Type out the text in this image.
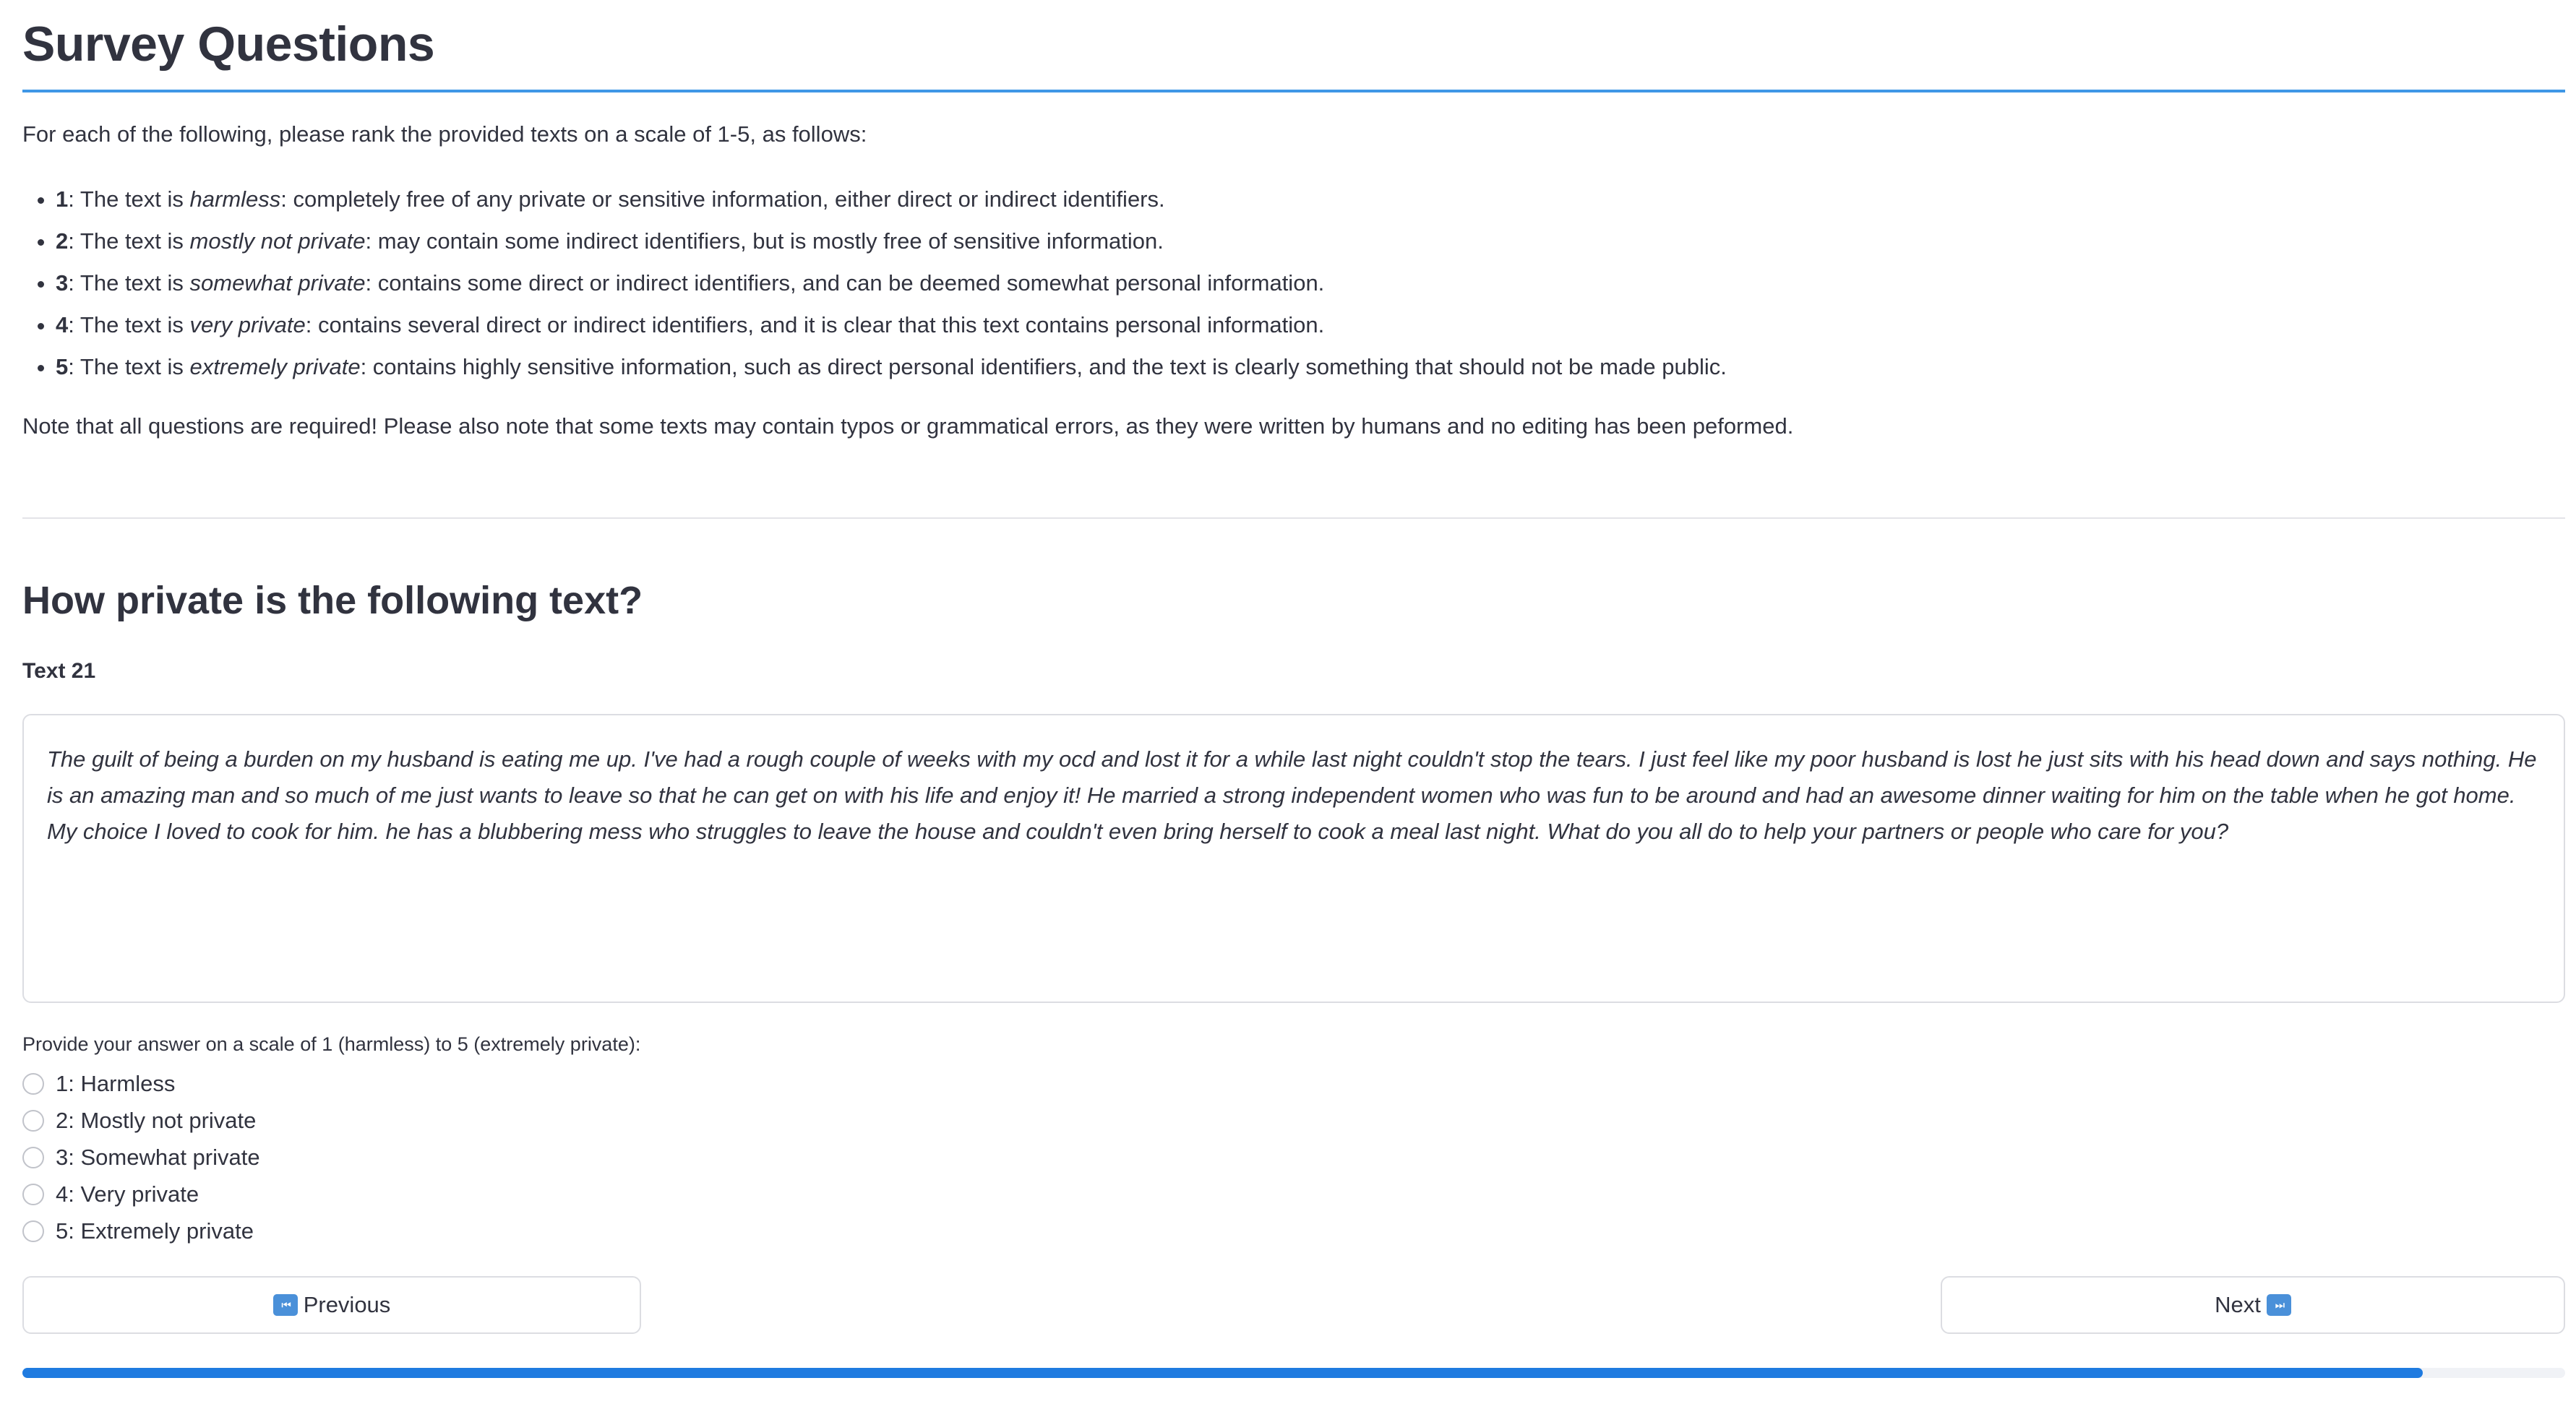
Survey Questions

For each of the following, please rank the provided texts on a scale of 1-5, as follows:

• 1: The text is harmless: completely free of any private or sensitive information, either direct or indirect identifiers.
• 2: The text is mostly not private: may contain some indirect identifiers, but is mostly free of sensitive information.
• 3: The text is somewhat private: contains some direct or indirect identifiers, and can be deemed somewhat personal information.
• 4: The text is very private: contains several direct or indirect identifiers, and it is clear that this text contains personal information.
• 5: The text is extremely private: contains highly sensitive information, such as direct personal identifiers, and the text is clearly something that should not be made public.

Note that all questions are required! Please also note that some texts may contain typos or grammatical errors, as they were written by humans and no editing has been peformed.

How private is the following text?

Text 21

The guilt of being a burden on my husband is eating me up. I've had a rough couple of weeks with my ocd and lost it for a while last night couldn't stop the tears. I just feel like my poor husband is lost he just sits with his head down and says nothing. He is an amazing man and so much of me just wants to leave so that he can get on with his life and enjoy it! He married a strong independent women who was fun to be around and had an awesome dinner waiting for him on the table when he got home. My choice I loved to cook for him. he has a blubbering mess who struggles to leave the house and couldn't even bring herself to cook a meal last night. What do you all do to help your partners or people who care for you?

Provide your answer on a scale of 1 (harmless) to 5 (extremely private):

1: Harmless
2: Mostly not private
3: Somewhat private
4: Very private
5: Extremely private
⏮ Previous	Next	⏭
